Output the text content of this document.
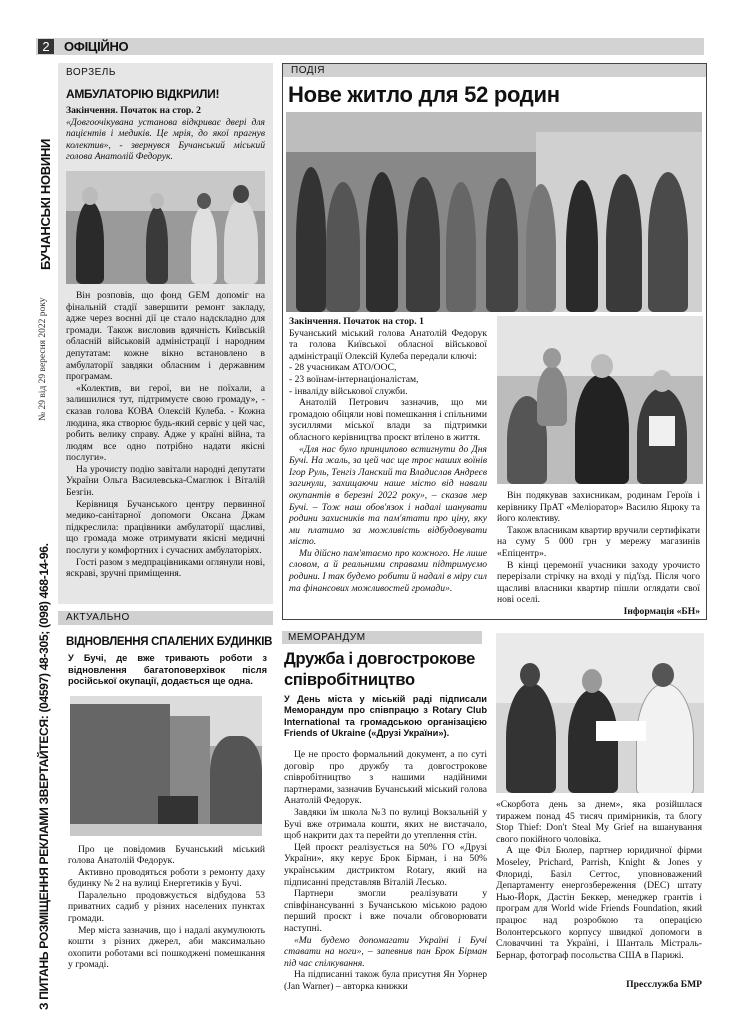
2	ОФІЦІЙНО
БУЧАНСЬКІ НОВИНИ
№ 29 від 29 вересня 2022 року
З ПИТАНЬ РОЗМІЩЕННЯ РЕКЛАМИ ЗВЕРТАЙТЕСЯ: (04597) 48-305; (098) 468-14-96.
ВОРЗЕЛЬ
АМБУЛАТОРІЮ ВІДКРИЛИ!

Закінчення. Початок на стор. 2

«Довгоочікувана установа відкриває двері для пацієнтів і медиків. Це мрія, до якої прагнув колектив», - звернувся Бучанський міський голова Анатолій Федорук.

Він розповів, що фонд GEM допоміг на фінальній стадії завершити ремонт закладу, адже через воєнні дії це стало надскладно для громади. Також висловив вдячність Київській обласній військовій адміністрації і народним депутатам: кожне вікно встановлено в амбулаторії завдяки обласним і державним програмам.

«Колектив, ви герої, ви не поїхали, а залишилися тут, підтримуєте свою громаду», - сказав голова КОВА Олексій Кулеба. - Кожна людина, яка створює будь-який сервіс у цей час, робить велику справу. Адже у країні війна, та людям все одно потрібно надати якісні послуги».

На урочисту подію завітали народні депутати України Ольга Василевська-Смаглюк і Віталій Безгін.

Керівниця Бучанського центру первинної медико-санітарної допомоги Оксана Джам підкреслила: працівники амбулаторії щасливі, що громада може отримувати якісні медичні послуги у комфортних і сучасних амбулаторіях.

Гості разом з медпрацівниками оглянули нові, яскраві, зручні приміщення.

АКТУАЛЬНО
ВІДНОВЛЕННЯ СПАЛЕНИХ БУДИНКІВ
У Бучі, де вже тривають роботи з відновлення багатоповерхівок після російської окупації, додається ще одна.

Про це повідомив Бучанський міський голова Анатолій Федорук.

Активно проводяться роботи з ремонту даху будинку № 2 на вулиці Енергетиків у Бучі.

Паралельно продовжується відбудова 53 приватних садиб у різних населених пунктах громади.

Мер міста зазначив, що і надалі акумулюють кошти з різних джерел, аби максимально охопити роботами всі пошкоджені помешкання у громаді.

ПОДІЯ
Нове житло для 52 родин

Закінчення. Початок на стор. 1

Бучанський міський голова Анатолій Федорук та голова Київської обласної військової адміністрації Олексій Кулеба передали ключі:

- 28 учасникам АТО/ООС,

- 23 воїнам-інтернаціоналістам,

- інваліду військової служби.

Анатолій Петрович зазначив, що ми громадою обіцяли нові помешкання і спільними зусиллями міської влади за підтримки обласного керівництва проєкт втілено в життя.

«Для нас було принципово встигнути до Дня Бучі. На жаль, за цей час ще троє наших воїнів Ігор Руль, Тенгіз Ланский та Владислав Андреєв загинули, захищаючи наше місто від навали окупантів в березні 2022 року», – сказав мер Бучі. – Тож наш обов'язок і надалі шанувати родини захисників та пам'ятати про ціну, яку ми платимо за можливість відбудовувати місто.

Ми дійсно пам'ятаємо про кожного. Не лише словом, а й реальними справами підтримуємо родини. І так будемо робити й надалі в міру сил та фінансових можливостей громади».

Він подякував захисникам, родинам Героїв і керівнику ПрАТ «Меліоратор» Василю Яцюку та його колективу.

Також власникам квартир вручили сертифікати на суму 5 000 грн у мережу магазинів «Епіцентр».

В кінці церемонії учасники заходу урочисто перерізали стрічку на вході у під'їзд. Після чого щасливі власники квартир пішли оглядати свої нові оселі.

Інформація «БН»

МЕМОРАНДУМ
Дружба і довгострокове співробітництво
У День міста у міській раді підписали Меморандум про співпрацю з Rotary Club International та громадською організацією Friends of Ukraine («Друзі України»).

Це не просто формальний документ, а по суті договір про дружбу та довгострокове співробітництво з нашими надійними партнерами, зазначив Бучанський міський голова Анатолій Федорук.

Завдяки їм школа №3 по вулиці Вокзальній у Бучі вже отримала кошти, яких не вистачало, щоб накрити дах та перейти до утеплення стін.

Цей проєкт реалізується на 50% ГО «Друзі України», яку керує Брок Бірман, і на 50% українським дистриктом Rotary, який на підписанні представляв Віталій Лесько.

Партнери змогли реалізувати у співфінансуванні з Бучанською міською радою перший проєкт і вже почали обговорювати наступні.

«Ми будемо допомагати Україні і Бучі ставати на ноги», – запевнив пан Брок Бірман під час спілкування.

На підписанні також була присутня Ян Уорнер (Jan Warner) – авторка книжки

«Скорбота день за днем», яка розійшлася тиражем понад 45 тисяч примірників, та блогу Stop Thief: Don't Steal My Grief на вшанування свого покійного чоловіка.

А ще Філ Бюлер, партнер юридичної фірми Moseley, Prichard, Parrish, Knight & Jones у Флориді, Базіл Сеттос, уповноважений Департаменту енергозбереження (DEC) штату Нью-Йорк, Дастін Беккер, менеджер грантів і програм для World wide Friends Foundation, який працює над розробкою та операцією Волонтерського корпусу швидкої допомоги в Словаччині та Україні, і Шанталь Містраль-Бернар, фотограф посольства США в Парижі.

Пресслужба БМР
